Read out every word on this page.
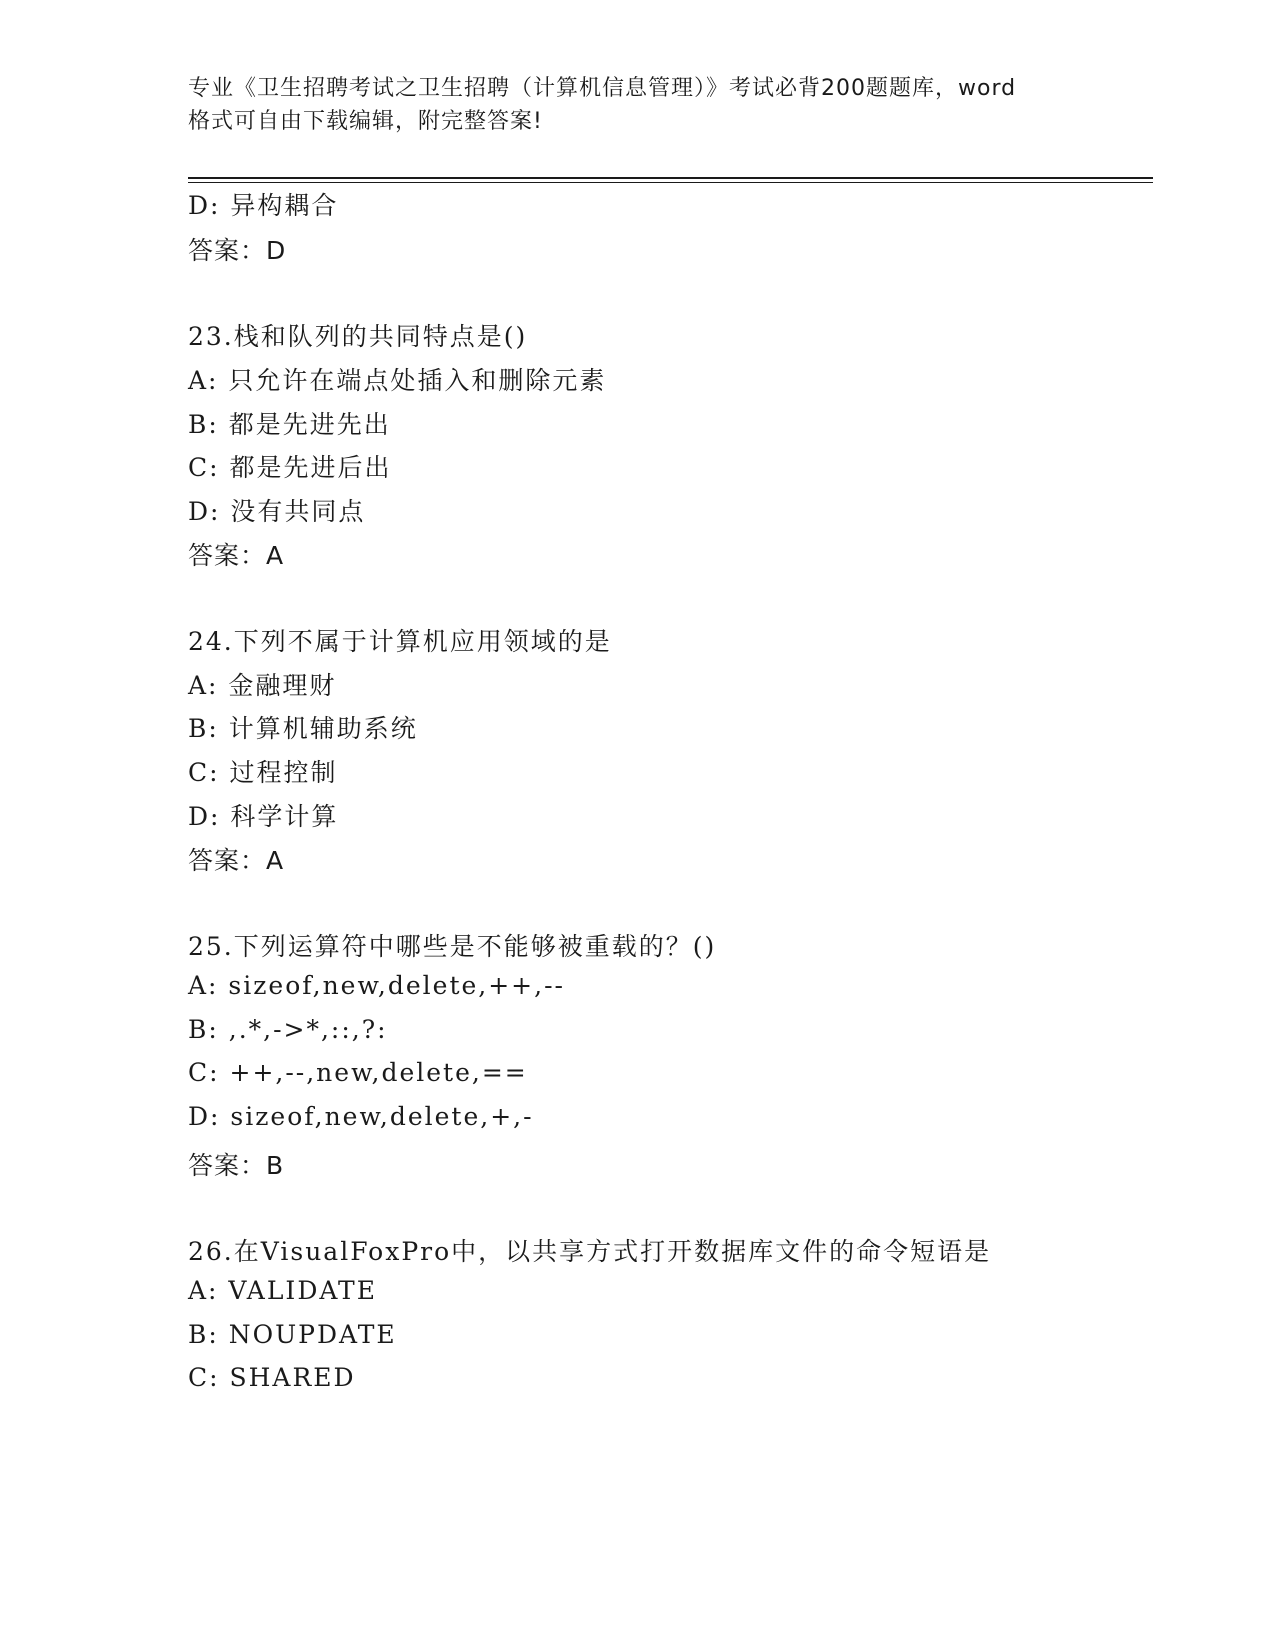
专业《卫生招聘考试之卫生招聘（计算机信息管理）》考试必背200题题库，word
格式可自由下载编辑，附完整答案!
D: 异构耦合
答案：D
23.栈和队列的共同特点是()
A: 只允许在端点处插入和删除元素
B: 都是先进先出
C: 都是先进后出
D: 没有共同点
答案：A
24.下列不属于计算机应用领域的是
A: 金融理财
B: 计算机辅助系统
C: 过程控制
D: 科学计算
答案：A
25.下列运算符中哪些是不能够被重载的？()
A: sizeof,new,delete,++,--
B: ,.*,->*,::,?:
C: ++,--,new,delete,==
D: sizeof,new,delete,+,-
答案：B
26.在VisualFoxPro中，以共享方式打开数据库文件的命令短语是
A: VALIDATE
B: NOUPDATE
C: SHARED
